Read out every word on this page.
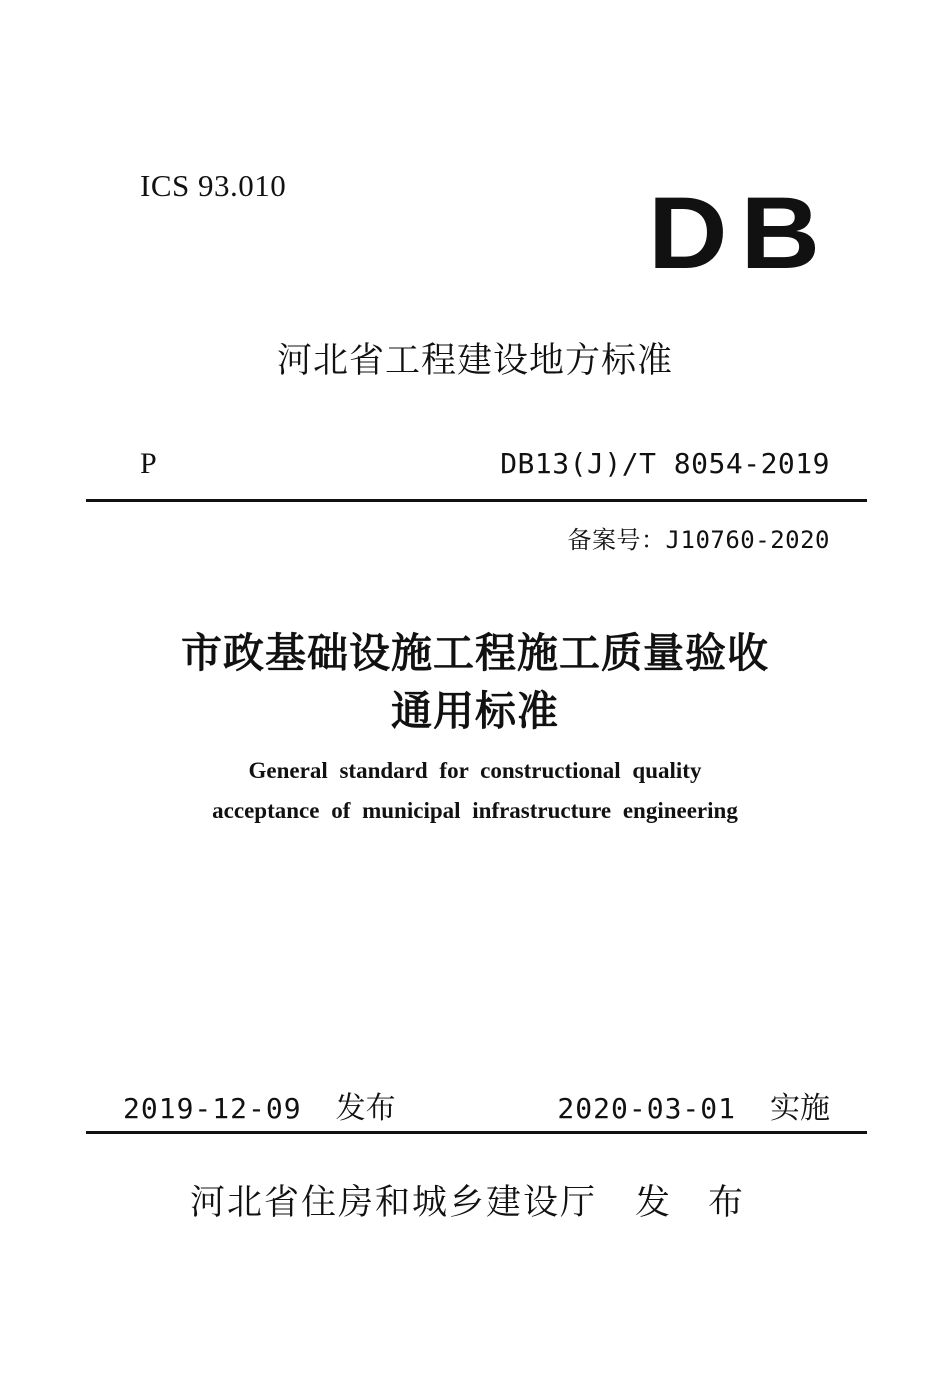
ICS 93.010	DB
河北省工程建设地方标准
P	DB13(J)/T 8054-2019
备案号：J10760-2020
市政基础设施工程施工质量验收
通用标准
General standard for constructional quality
acceptance of municipal infrastructure engineering
2019-12-09 发布	2020-03-01 实施
河北省住房和城乡建设厅 发布
